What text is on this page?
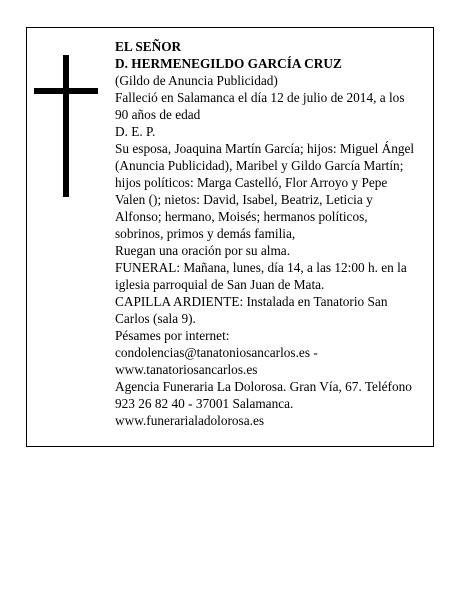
EL SEÑOR
D. HERMENEGILDO GARCÍA CRUZ
(Gildo de Anuncia Publicidad)
Falleció en Salamanca el día 12 de julio de 2014, a los
90 años de edad
D. E. P.
Su esposa, Joaquina Martín García; hijos: Miguel Ángel
(Anuncia Publicidad), Maribel y Gildo García Martín;
hijos políticos: Marga Castelló, Flor Arroyo y Pepe
Valen (); nietos: David, Isabel, Beatriz, Leticia y
Alfonso; hermano, Moisés; hermanos políticos,
sobrinos, primos y demás familia,
Ruegan una oración por su alma.
FUNERAL: Mañana, lunes, día 14, a las 12:00 h. en la
iglesia parroquial de San Juan de Mata.
CAPILLA ARDIENTE: Instalada en Tanatorio San
Carlos (sala 9).
Pésames por internet:
condolencias@tanatoniosancarlos.es -
www.tanatoriosancarlos.es
Agencia Funeraria La Dolorosa. Gran Vía, 67. Teléfono
923 26 82 40 - 37001 Salamanca.
www.funerarialadolorosa.es
